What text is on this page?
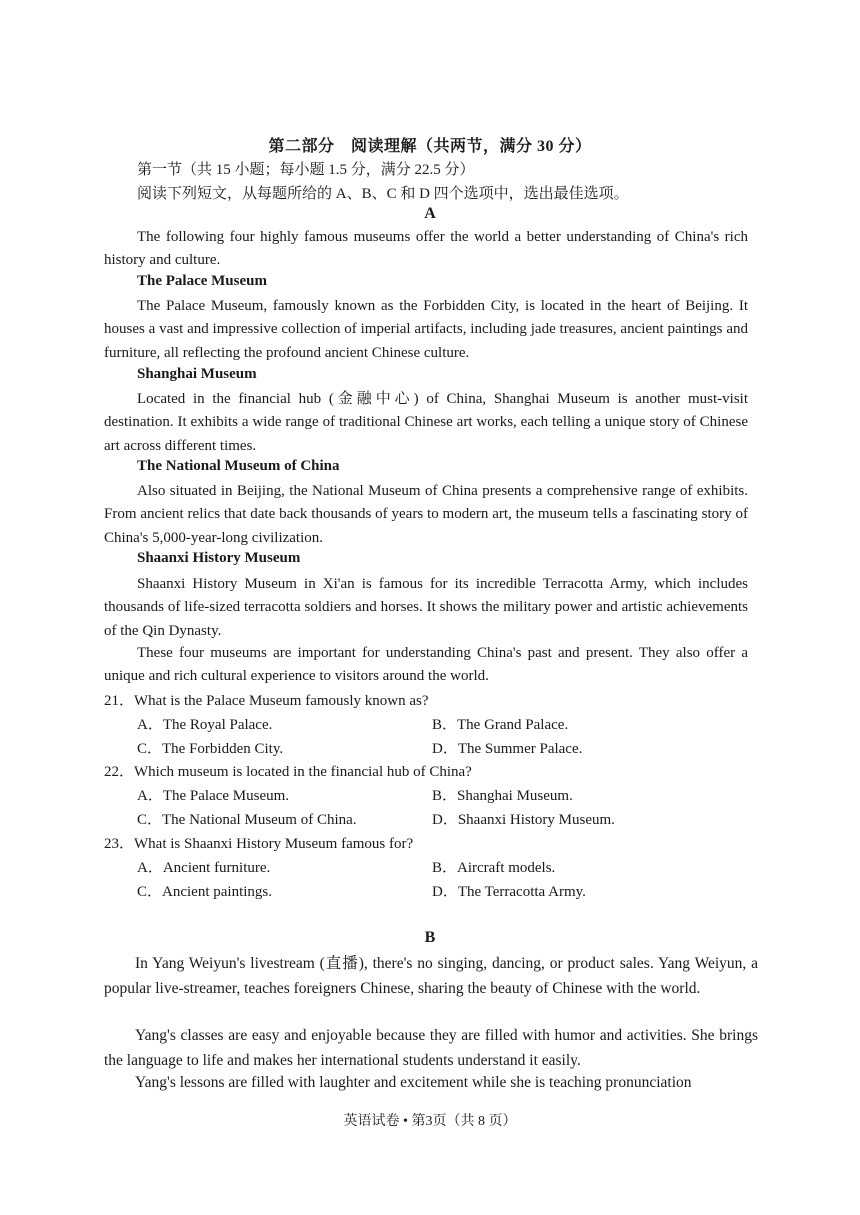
第二部分　阅读理解（共两节，满分 30 分）
第一节（共 15 小题；每小题 1.5 分，满分 22.5 分）
阅读下列短文，从每题所给的 A、B、C 和 D 四个选项中，选出最佳选项。
A

The following four highly famous museums offer the world a better understanding of China's rich history and culture.

The Palace Museum

The Palace Museum, famously known as the Forbidden City, is located in the heart of Beijing. It houses a vast and impressive collection of imperial artifacts, including jade treasures, ancient paintings and furniture, all reflecting the profound ancient Chinese culture.

Shanghai Museum

Located in the financial hub (金融中心) of China, Shanghai Museum is another must-visit destination. It exhibits a wide range of traditional Chinese art works, each telling a unique story of Chinese art across different times.

The National Museum of China

Also situated in Beijing, the National Museum of China presents a comprehensive range of exhibits. From ancient relics that date back thousands of years to modern art, the museum tells a fascinating story of China's 5,000-year-long civilization.

Shaanxi History Museum

Shaanxi History Museum in Xi'an is famous for its incredible Terracotta Army, which includes thousands of life-sized terracotta soldiers and horses. It shows the military power and artistic achievements of the Qin Dynasty.

These four museums are important for understanding China's past and present. They also offer a unique and rich cultural experience to visitors around the world.

21．What is the Palace Museum famously known as?
A．The Royal Palace.	B．The Grand Palace.
C．The Forbidden City.	D．The Summer Palace.
22．Which museum is located in the financial hub of China?
A．The Palace Museum.	B．Shanghai Museum.
C．The National Museum of China.	D．Shaanxi History Museum.
23．What is Shaanxi History Museum famous for?
A．Ancient furniture.	B．Aircraft models.
C．Ancient paintings.	D．The Terracotta Army.
B

In Yang Weiyun's livestream (直播), there's no singing, dancing, or product sales. Yang Weiyun, a popular live-streamer, teaches foreigners Chinese, sharing the beauty of Chinese with the world.

Yang's classes are easy and enjoyable because they are filled with humor and activities. She brings the language to life and makes her international students understand it easily.

Yang's lessons are filled with laughter and excitement while she is teaching pronunciation

英语试卷 • 第3页（共 8 页）
